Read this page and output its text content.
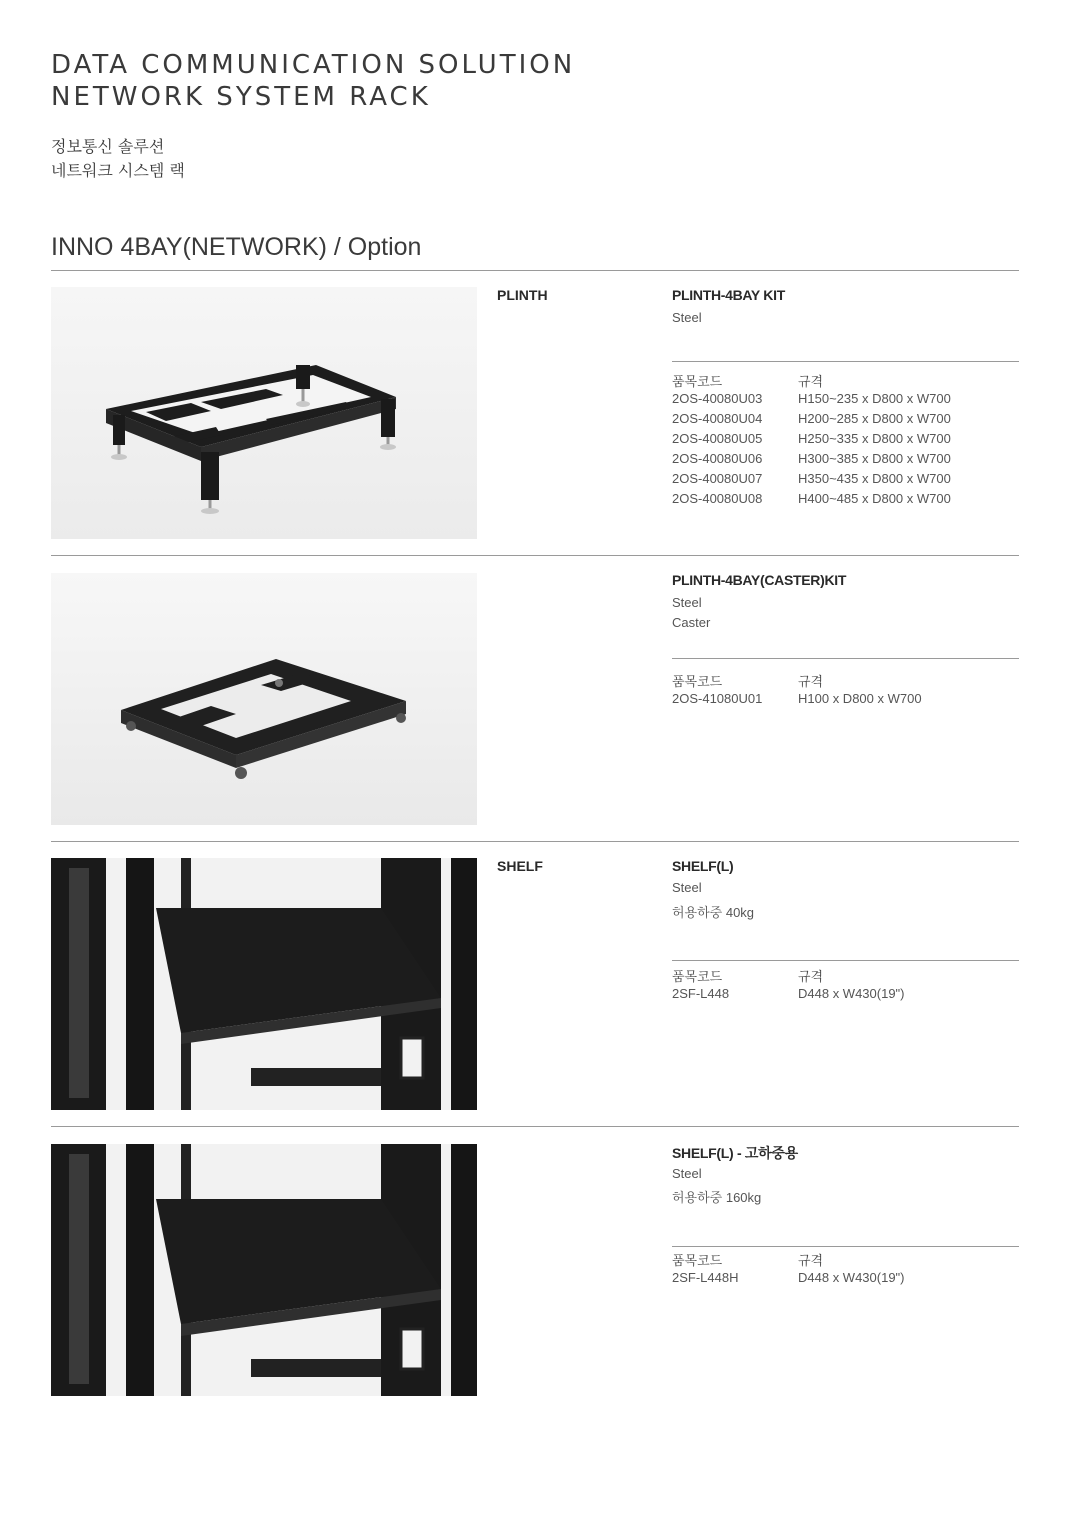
DATA COMMUNICATION SOLUTION
NETWORK SYSTEM RACK
정보통신 솔루션
네트워크 시스템 랙
INNO 4BAY(NETWORK) / Option
PLINTH	PLINTH-4BAY KIT
Steel
품목코드	규격
2OS-40080U03	H150~235 x D800 x W700
2OS-40080U04	H200~285 x D800 x W700
2OS-40080U05	H250~335 x D800 x W700
2OS-40080U06	H300~385 x D800 x W700
2OS-40080U07	H350~435 x D800 x W700
2OS-40080U08	H400~485 x D800 x W700
PLINTH-4BAY(CASTER)KIT
Steel
Caster
품목코드	규격
2OS-41080U01	H100 x D800 x W700
SHELF	SHELF(L)
Steel
허용하중 40kg
품목코드	규격
2SF-L448	D448 x W430(19")
SHELF(L) - 고하중용
Steel
허용하중 160kg
품목코드	규격
2SF-L448H	D448 x W430(19")
